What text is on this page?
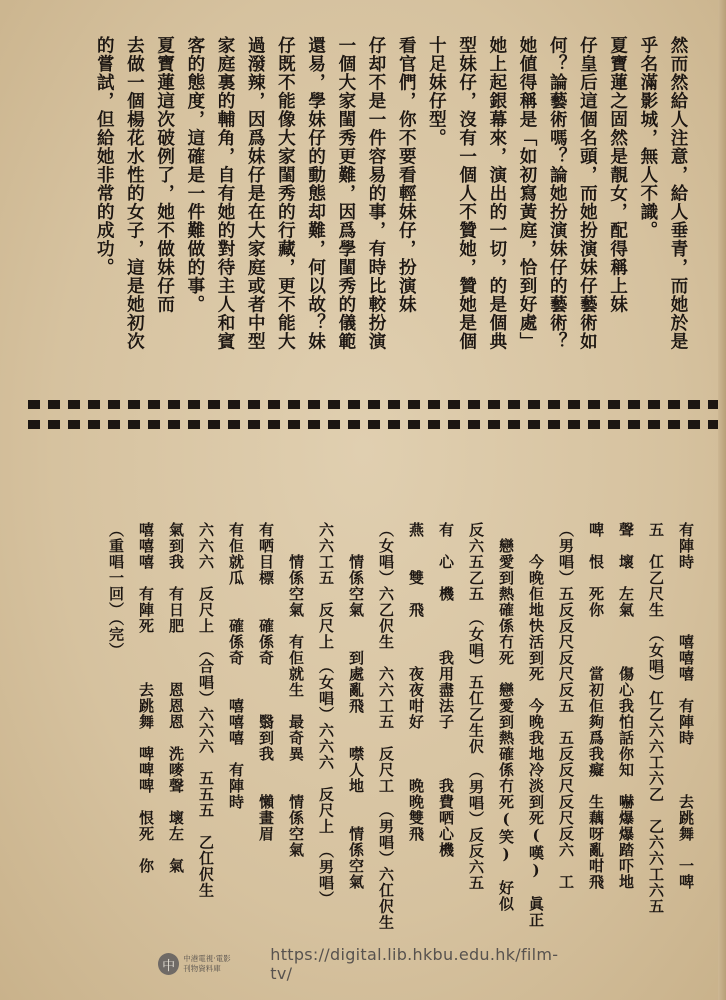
然而然給人注意，給人垂青，而她於是
乎名滿影城，無人不識。
夏寶蓮之固然是靚女，配得稱上妹
仔皇后這個名頭，而她扮演妹仔藝術如
何？論藝術嗎？論她扮演妹仔的藝術？
她値得稱是「如初寫黃庭，恰到好處」
她上起銀幕來，演出的一切，的是個典
型妹仔，沒有一個人不贊她，贊她是個
十足妹仔型。
看官們，你不要看輕妹仔，扮演妹
仔却不是一件容易的事，有時比較扮演
一個大家閨秀更難，因爲學閨秀的儀範
還易，學妹仔的動態却難，何以故？妹
仔既不能像大家閨秀的行藏，更不能大
過潑辣，因爲妹仔是在大家庭或者中型
家庭裏的輔角，自有她的對待主人和賓
客的態度，這確是一件難做的事。
夏寶蓮這次破例了，她不做妹仔而
去做一個楊花水性的女子，這是她初次
的嘗試，但給她非常的成功。
有陣時　　　　嘻嘻嘻　有陣時　　　去跳舞　一啤
五　仜乙尺生　（女唱）仜乙六六工六乙　乙六六工六五
聲　壞　左氣　　　傷心我怕話你知　嚇爆爆踏吓地
啤　恨　死你　　　當初佢夠爲我癡　生藕呀亂咁飛
（男唱）五反反尺反尺反五　五反反尺反尺反六　工
　　今晚佢地快活到死　今晚我地冷淡到死(嘆)　眞正
　戀愛到熱確係冇死　戀愛到熱確係冇死(笑)　好似
反六五乙五　（女唱）五仜乙生伬　（男唱）反反六五
有　心　機　　　我用盡法子　　　我費哂心機
燕　　雙　飛　　　夜夜咁好　　　晚晚雙飛
（女唱）六乙伬生　六六工五　反尺工　（男唱）六仜伬生
　　情係空氣　　到處亂飛　　噤人地　　情係空氣
六六工五　反尺上　（女唱）六六六　反尺上　（男唱）
　　情係空氣　有佢就生　最奇異　　情係空氣
有哂目標　　確係奇　　　翳到我　　懶畫眉
有佢就瓜　　確係奇　　嘻嘻嘻　有陣時
六六六　反尺上　（合唱）六六六　五五五　乙仜伬生
氣到我　有日肥　　　恩恩恩　洗嘜聲　壞左　氣
嘻嘻嘻　有陣死　　　去跳舞　啤啤啤　恨死　你
（重唱一回）（完）
中	中港電視·電影
刊物資料庫
https://digital.lib.hkbu.edu.hk/film-tv/
